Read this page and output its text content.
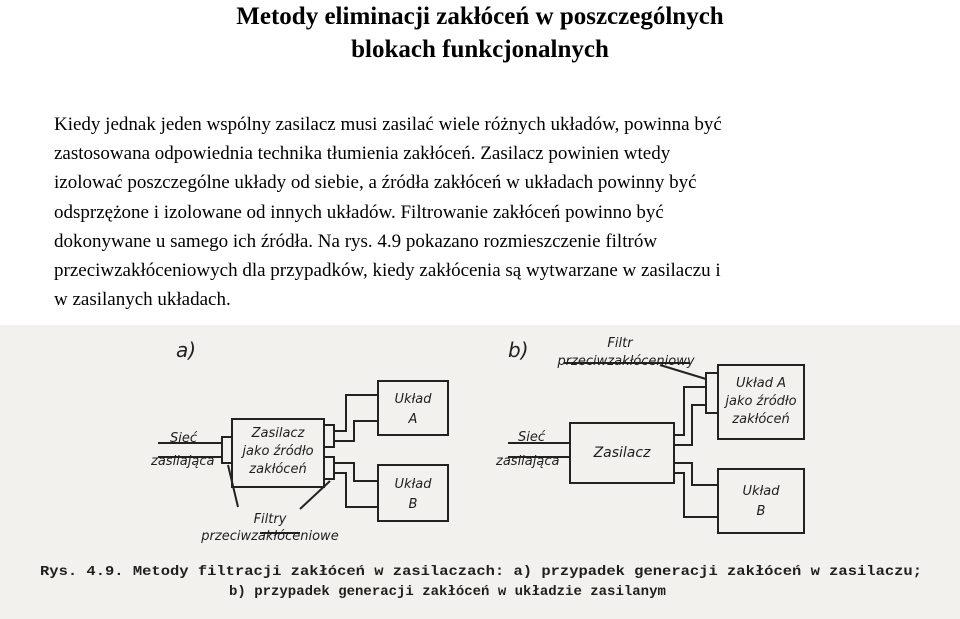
Metody eliminacji zakłóceń w poszczególnych
blokach funkcjonalnych
Kiedy jednak jeden wspólny zasilacz musi zasilać wiele różnych układów, powinna być
zastosowana odpowiednia technika tłumienia zakłóceń. Zasilacz powinien wtedy
izolować poszczególne układy od siebie, a źródła zakłóceń w układach powinny być
odsprzężone i izolowane od innych układów. Filtrowanie zakłóceń powinno być
dokonywane u samego ich źródła. Na rys. 4.9 pokazano rozmieszczenie filtrów
przeciwzakłóceniowych dla przypadków, kiedy zakłócenia są wytwarzane w zasilaczu i
w zasilanych układach.
a)
Sieć
zasilająca
Zasilacz
jako źródło
zakłóceń
Układ
A
Układ
B
Filtry
przeciwzakłóceniowe
b)	Filtr
przeciwzakłóceniowy
Sieć
zasilająca
Zasilacz
Układ A
jako źródło
zakłóceń
Układ
B
Rys. 4.9. Metody filtracji zakłóceń w zasilaczach: a) przypadek generacji zakłóceń w zasilaczu;
b) przypadek generacji zakłóceń w układzie zasilanym
